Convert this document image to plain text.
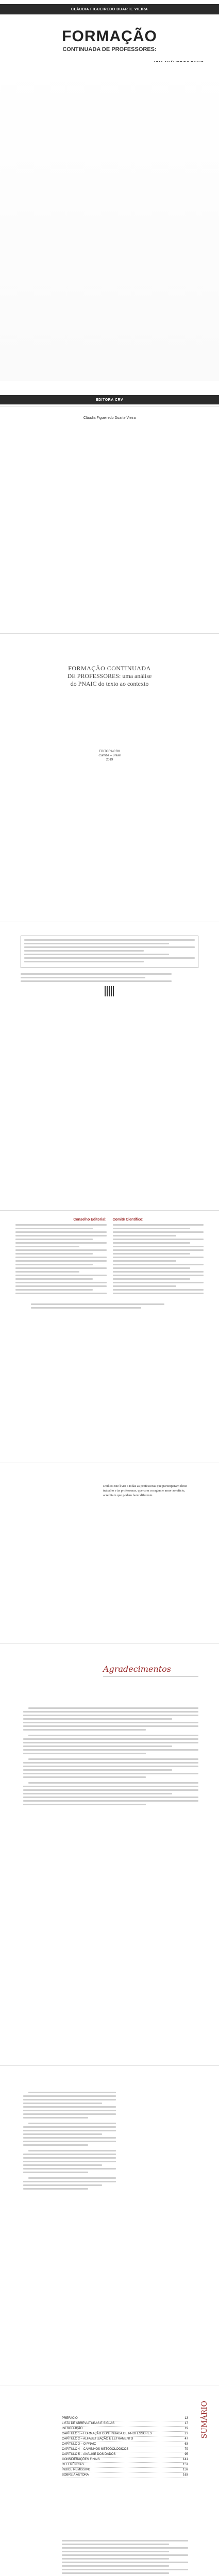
CLÁUDIA FIGUEIREDO DUARTE VIEIRA
FORMAÇÃO
CONTINUADA DE PROFESSORES:
EDITORA CRV
Cláudia Figueiredo Duarte Vieira
FORMAÇÃO CONTINUADA
DE PROFESSORES: uma análise
do PNAIC do texto ao contexto
EDITORA CRV
Curitiba – Brasil
2019
Conselho Editorial: Comitê Científico:
Dedico este livro a todas as professoras que participaram deste trabalho e às professoras, que com coragem e amor ao ofício, acreditam que podem fazer diferente.
Agradecimentos
SUMÁRIO
PREFÁCIO	13
LISTA DE ABREVIATURAS E SIGLAS	17
INTRODUÇÃO	19
CAPÍTULO 1 – FORMAÇÃO CONTINUADA DE PROFESSORES	27
CAPÍTULO 2 – ALFABETIZAÇÃO E LETRAMENTO	47
CAPÍTULO 3 – O PNAIC	63
CAPÍTULO 4 – CAMINHOS METODOLÓGICOS	79
CAPÍTULO 5 – ANÁLISE DOS DADOS	95
CONSIDERAÇÕES FINAIS	141
REFERÊNCIAS	151
ÍNDICE REMISSIVO	159
SOBRE A AUTORA	163
